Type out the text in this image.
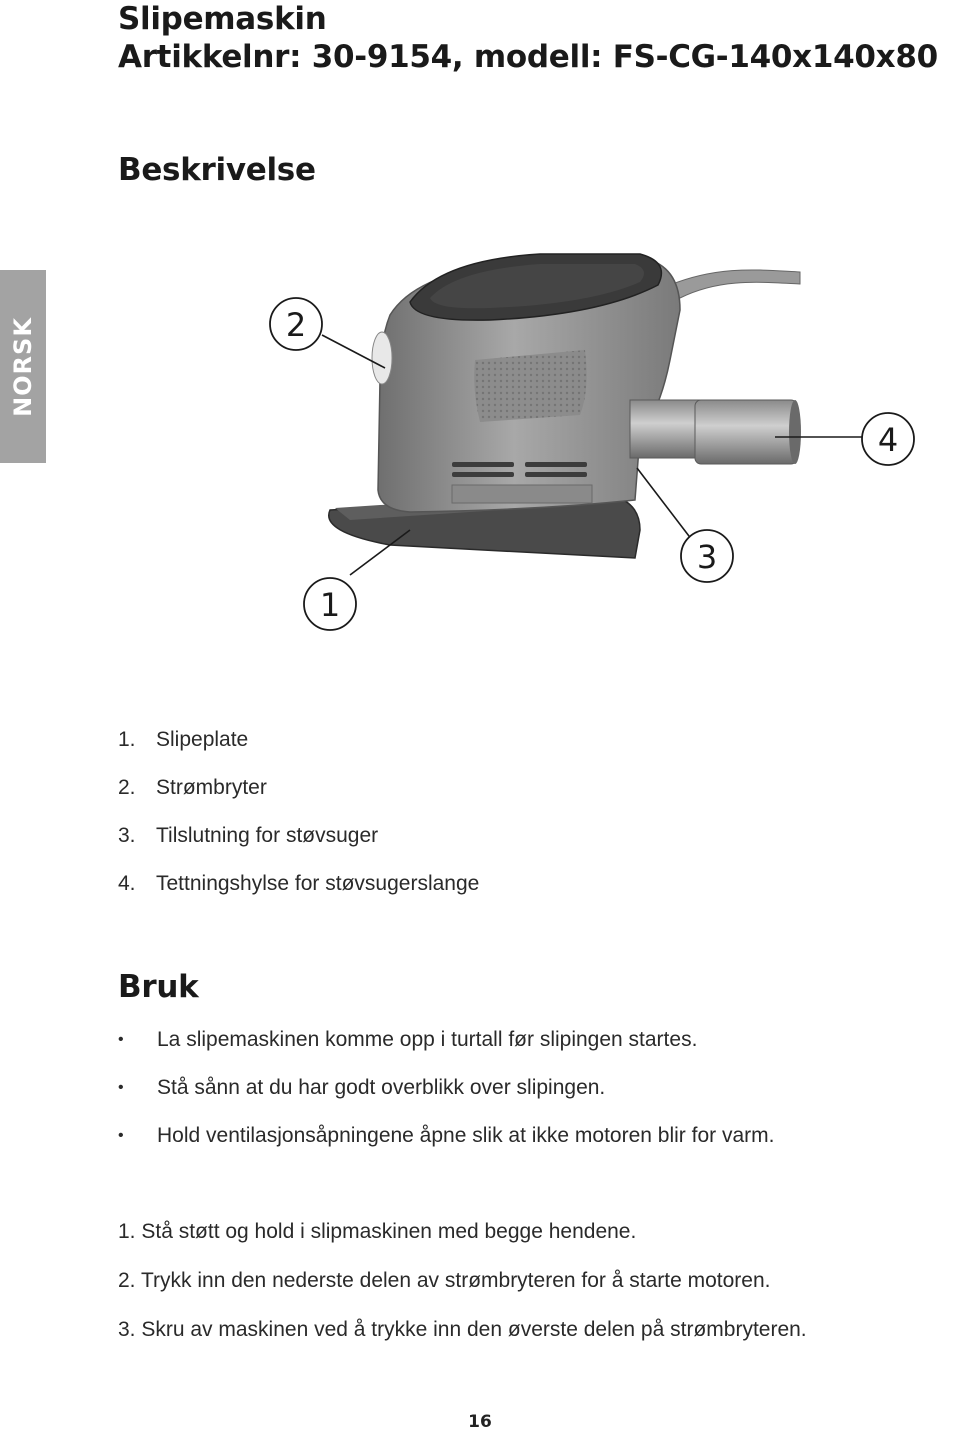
Slipemaskin
Artikkelnr: 30-9154, modell: FS-CG-140x140x80
NORSK
Beskrivelse
2
4
3
1
1. Slipeplate
2. Strømbryter
3. Tilslutning for støvsuger
4. Tettningshylse for støvsugerslange
Bruk
• La slipemaskinen komme opp i turtall før slipingen startes.
• Stå sånn at du har godt overblikk over slipingen.
• Hold ventilasjonsåpningene åpne slik at ikke motoren blir for varm.
1. Stå støtt og hold i slipmaskinen med begge hendene.
2. Trykk inn den nederste delen av strømbryteren for å starte motoren.
3. Skru av maskinen ved å trykke inn den øverste delen på strømbryteren.
16
